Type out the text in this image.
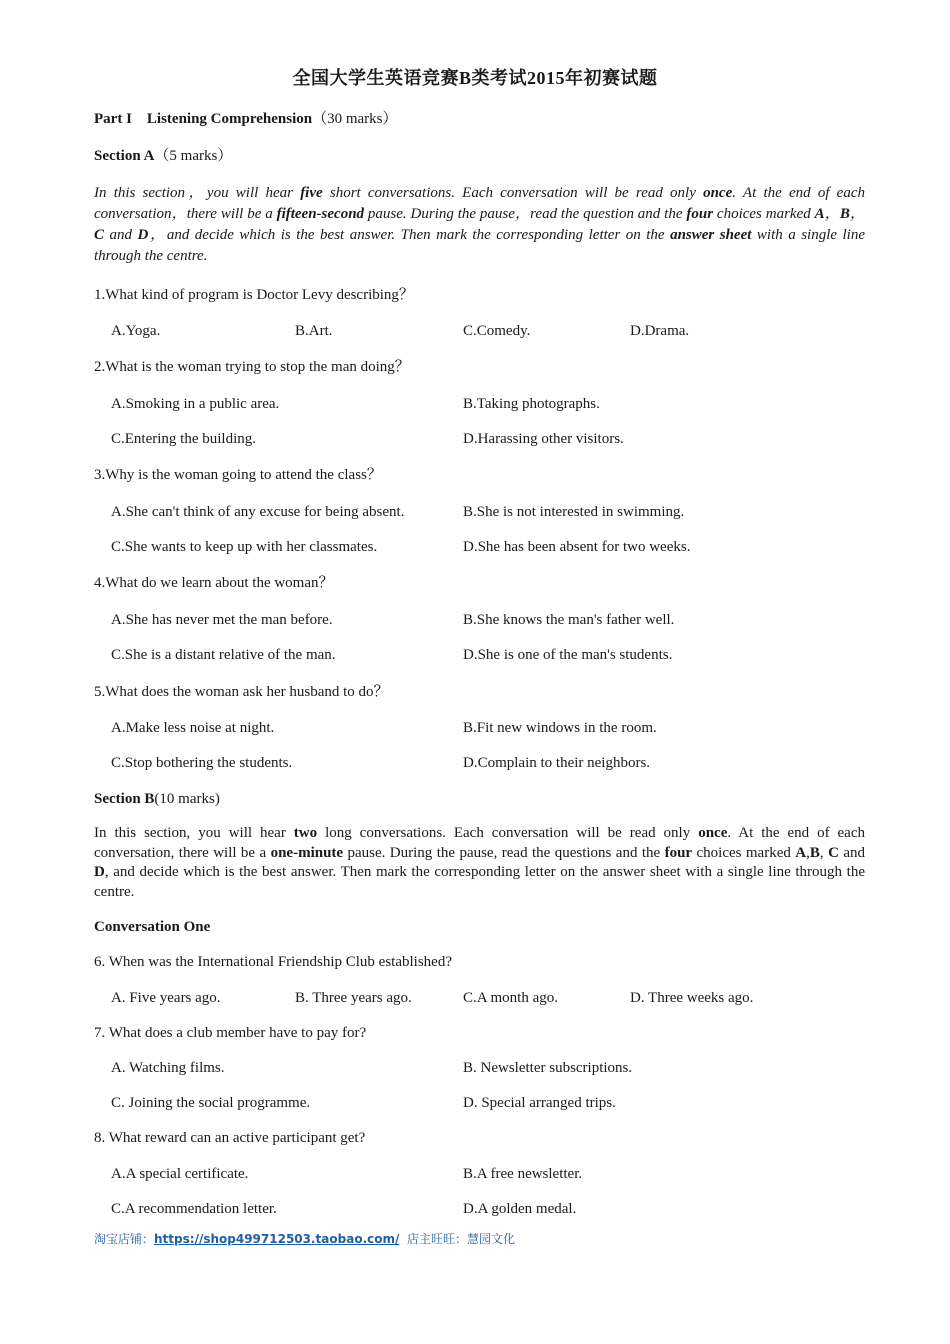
全国大学生英语竞赛B类考试2015年初赛试题
Part I Listening Comprehension（30 marks）
Section A（5 marks）
In this section，you will hear five short conversations. Each conversation will be read only once. At the end of each conversation，there will be a fifteen-second pause. During the pause，read the question and the four choices marked A，B，C and D，and decide which is the best answer. Then mark the corresponding letter on the answer sheet with a single line through the centre.
1.What kind of program is Doctor Levy describing？
A.Yoga.	B.Art.	C.Comedy.	D.Drama.
2.What is the woman trying to stop the man doing？
A.Smoking in a public area.	B.Taking photographs.
C.Entering the building.	D.Harassing other visitors.
3.Why is the woman going to attend the class？
A.She can't think of any excuse for being absent.	B.She is not interested in swimming.
C.She wants to keep up with her classmates.	D.She has been absent for two weeks.
4.What do we learn about the woman？
A.She has never met the man before.	B.She knows the man's father well.
C.She is a distant relative of the man.	D.She is one of the man's students.
5.What does the woman ask her husband to do？
A.Make less noise at night.	B.Fit new windows in the room.
C.Stop bothering the students.	D.Complain to their neighbors.
Section B(10 marks)
In this section, you will hear two long conversations. Each conversation will be read only once. At the end of each conversation, there will be a one-minute pause. During the pause, read the questions and the four choices marked A,B, C and D, and decide which is the best answer. Then mark the corresponding letter on the answer sheet with a single line through the centre.
Conversation One
6. When was the International Friendship Club established?
A. Five years ago.	B. Three years ago.	C.A month ago.	D. Three weeks ago.
7. What does a club member have to pay for?
A. Watching films.	B. Newsletter subscriptions.
C. Joining the social programme.	D. Special arranged trips.
8. What reward can an active participant get?
A.A special certificate.	B.A free newsletter.
C.A recommendation letter.	D.A golden medal.
淘宝店铺：https://shop499712503.taobao.com/ 店主旺旺：慧园文化
